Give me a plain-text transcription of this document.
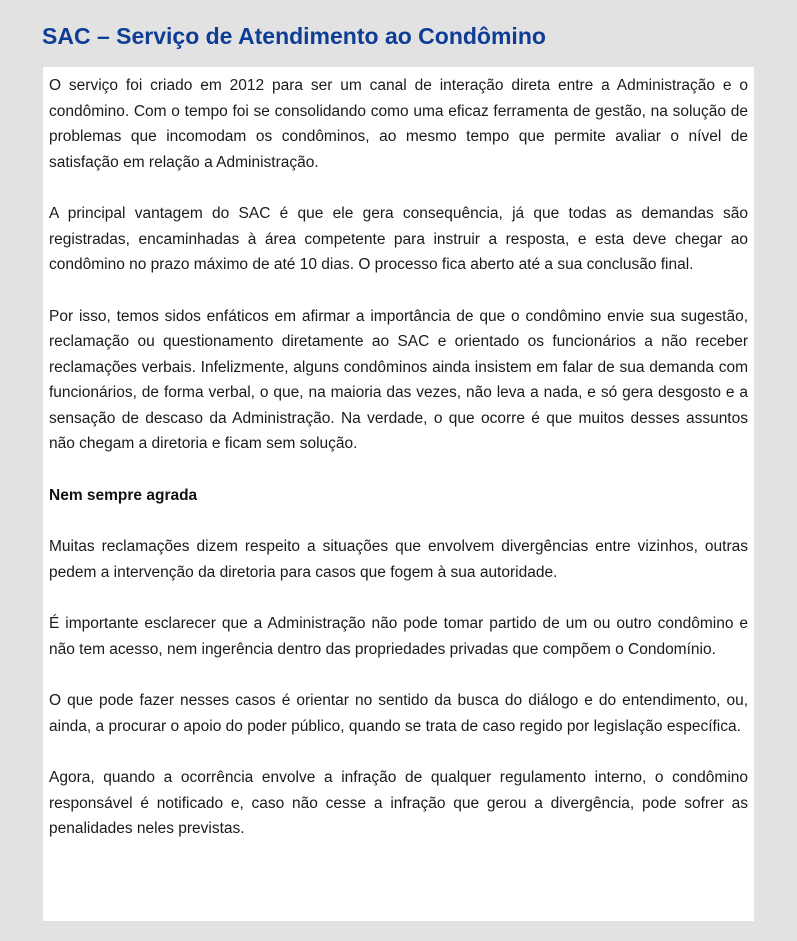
SAC – Serviço de Atendimento ao Condômino

O serviço foi criado em 2012 para ser um canal de interação direta entre a Administração e o condômino. Com o tempo foi se consolidando como uma eficaz ferramenta de gestão, na solução de problemas que incomodam os condôminos, ao mesmo tempo que permite avaliar o nível de satisfação em relação a Administração.

A principal vantagem do SAC é que ele gera consequência, já que todas as demandas são registradas, encaminhadas à área competente para instruir a resposta, e esta deve chegar ao condômino no prazo máximo de até 10 dias. O processo fica aberto até a sua conclusão final.

Por isso, temos sidos enfáticos em afirmar a importância de que o condômino envie sua sugestão, reclamação ou questionamento diretamente ao SAC e orientado os funcionários a não receber reclamações verbais. Infelizmente, alguns condôminos ainda insistem em falar de sua demanda com funcionários, de forma verbal, o que, na maioria das vezes, não leva a nada, e só gera desgosto e a sensação de descaso da Administração. Na verdade, o que ocorre é que muitos desses assuntos não chegam a diretoria e ficam sem solução.

Nem sempre agrada

Muitas reclamações dizem respeito a situações que envolvem divergências entre vizinhos, outras pedem a intervenção da diretoria para casos que fogem à sua autoridade.

É importante esclarecer que a Administração não pode tomar partido de um ou outro condômino e não tem acesso, nem ingerência dentro das propriedades privadas que compõem o Condomínio.

O que pode fazer nesses casos é orientar no sentido da busca do diálogo e do entendimento, ou, ainda, a procurar o apoio do poder público, quando se trata de caso regido por legislação específica.

Agora, quando a ocorrência envolve a infração de qualquer regulamento interno, o condômino responsável é notificado e, caso não cesse a infração que gerou a divergência, pode sofrer as penalidades neles previstas.
